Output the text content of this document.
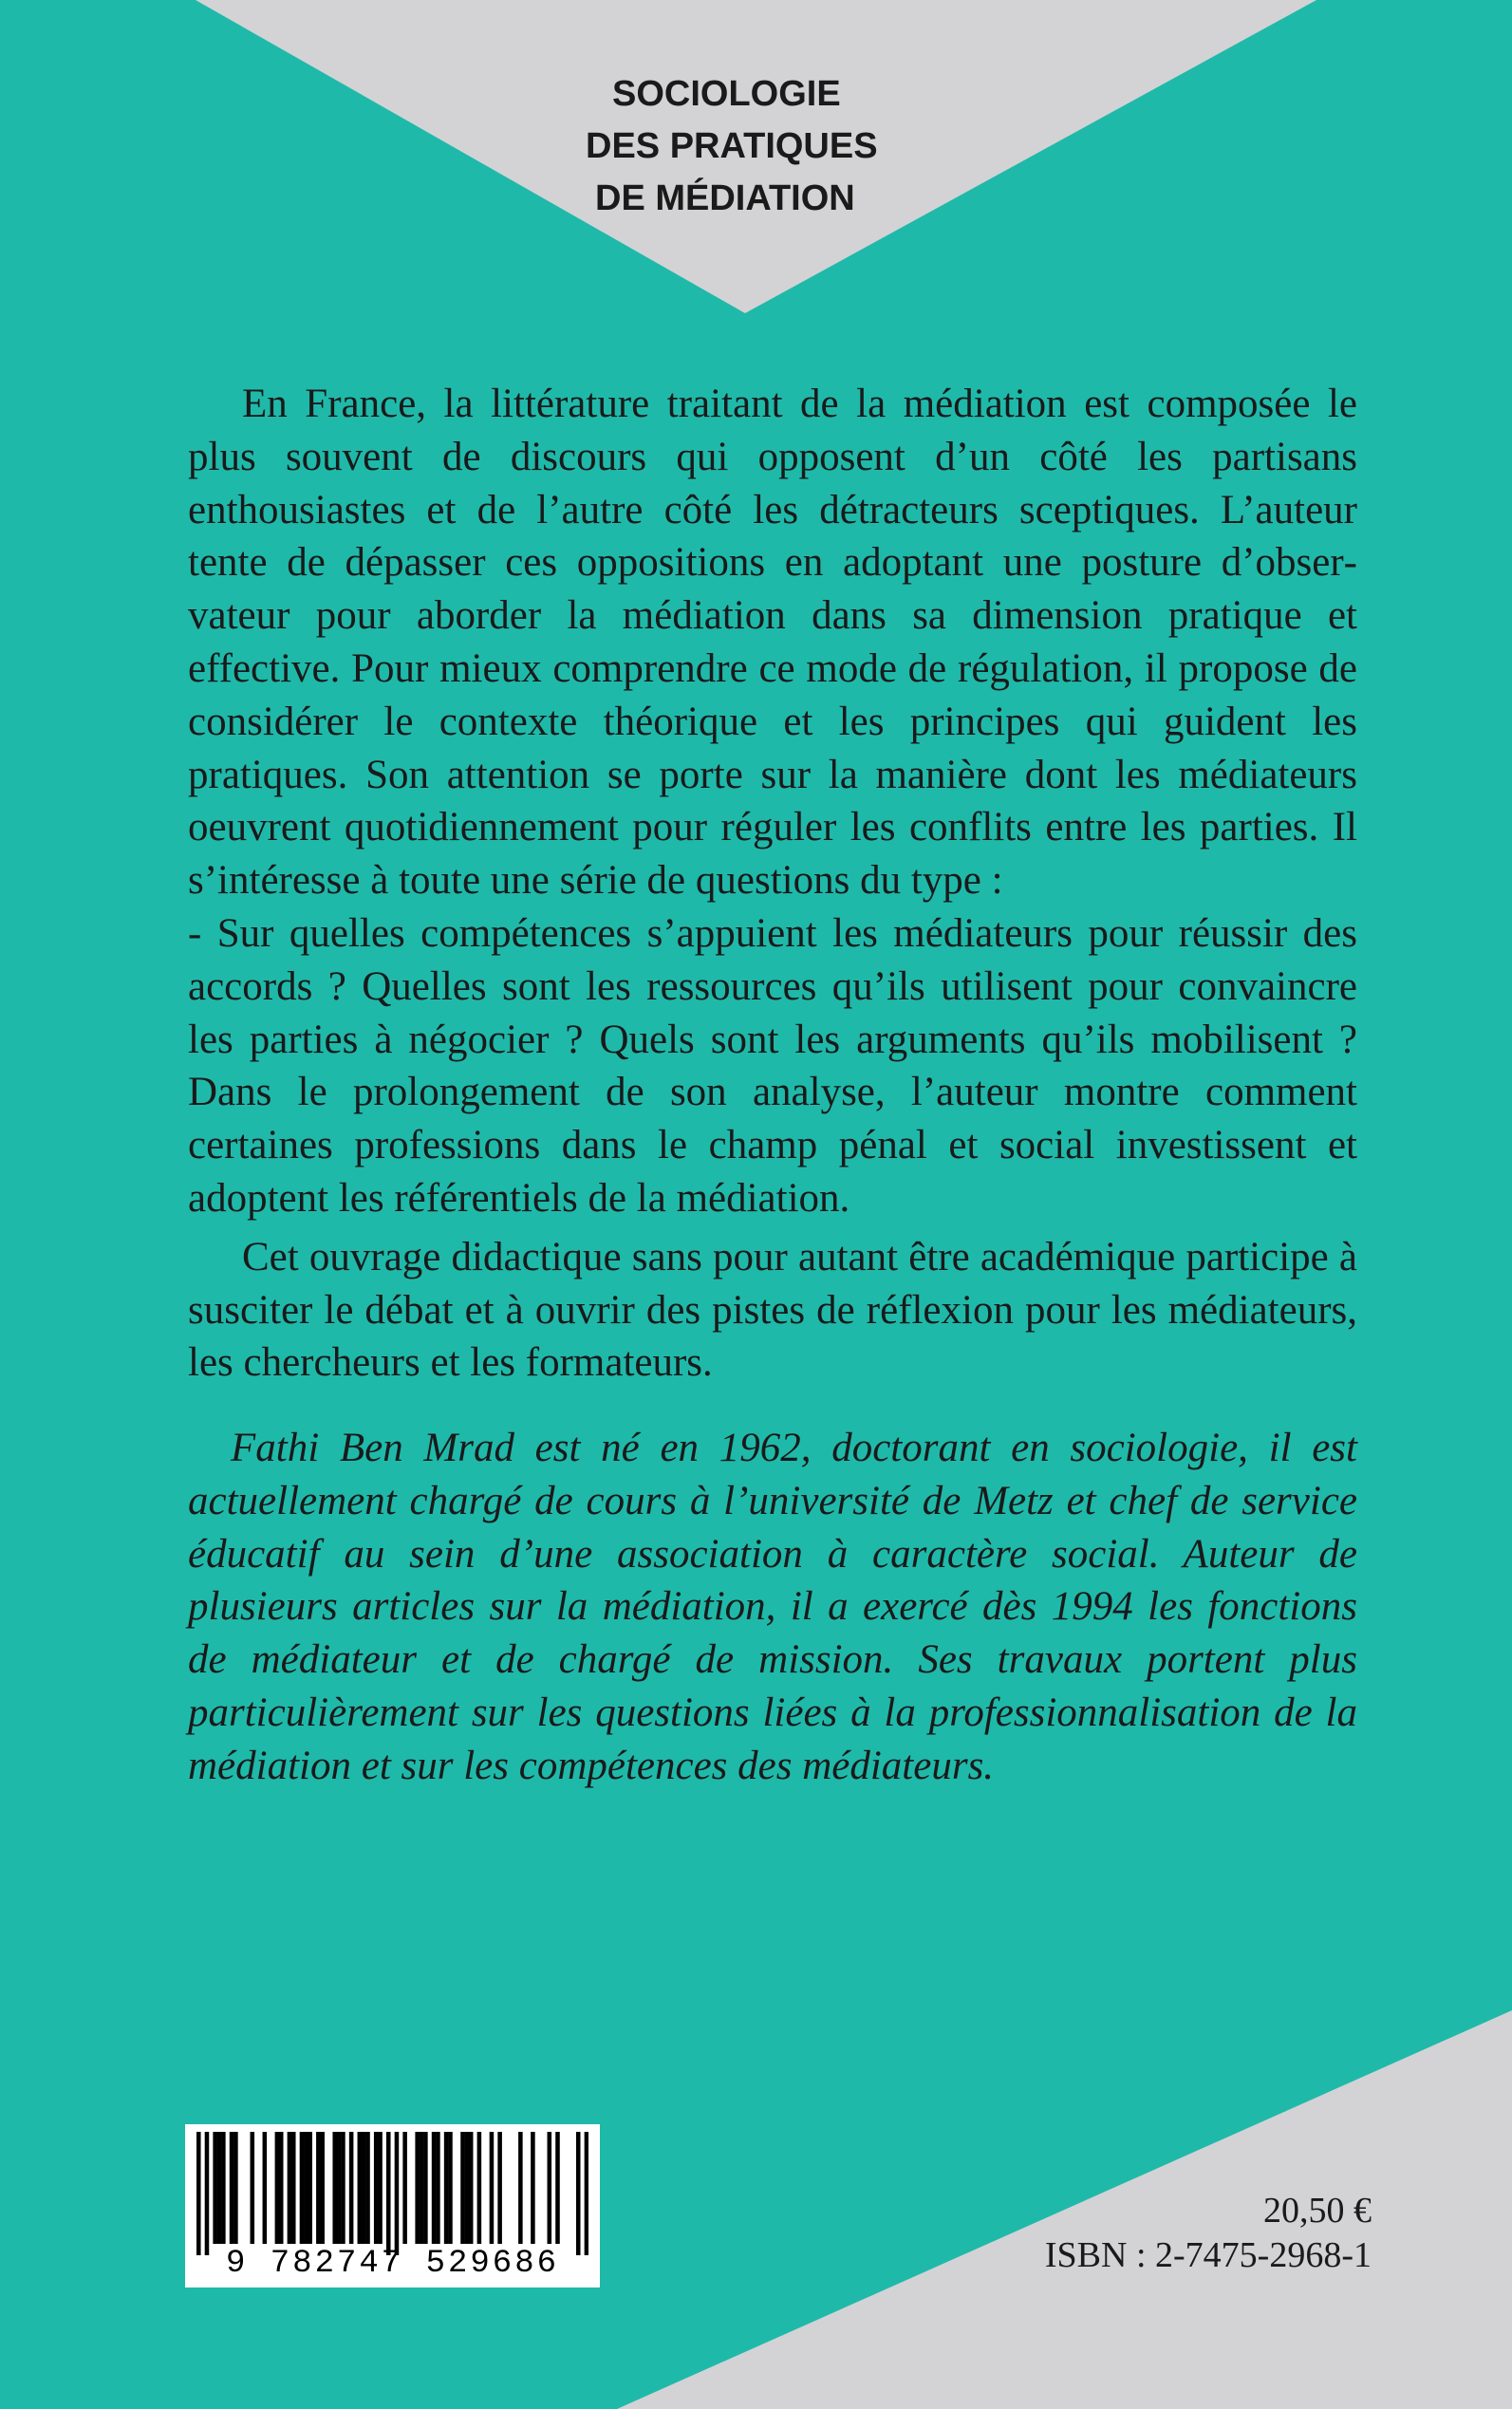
SOCIOLOGIE
DES PRATIQUES
DE MÉDIATION

En France, la littérature traitant de la médiation est composée le plus souvent de discours qui opposent d’un côté les partisans enthousiastes et de l’autre côté les détracteurs sceptiques. L’auteur tente de dépasser ces oppositions en adoptant une posture d’observateur pour aborder la médiation dans sa dimension pratique et effective. Pour mieux comprendre ce mode de régulation, il propose de considérer le contexte théorique et les principes qui guident les pratiques. Son attention se porte sur la manière dont les médiateurs oeuvrent quotidiennement pour réguler les conflits entre les parties. Il s’intéresse à toute une série de questions du type :

- Sur quelles compétences s’appuient les médiateurs pour réussir des accords ? Quelles sont les ressources qu’ils utilisent pour convaincre les parties à négocier ? Quels sont les arguments qu’ils mobilisent ? Dans le prolongement de son analyse, l’auteur montre comment certaines professions dans le champ pénal et social investissent et adoptent les référentiels de la médiation.

Cet ouvrage didactique sans pour autant être académique participe à susciter le débat et à ouvrir des pistes de réflexion pour les médiateurs, les chercheurs et les formateurs.

Fathi Ben Mrad est né en 1962, doctorant en sociologie, il est actuellement chargé de cours à l’université de Metz et chef de service éducatif au sein d’une association à caractère social. Auteur de plusieurs articles sur la médiation, il a exercé dès 1994 les fonctions de médiateur et de chargé de mission. Ses travaux portent plus particulièrement sur les questions liées à la professionnalisation de la médiation et sur les compétences des médiateurs.

9 782747 529686
20,50 €
ISBN : 2-7475-2968-1
